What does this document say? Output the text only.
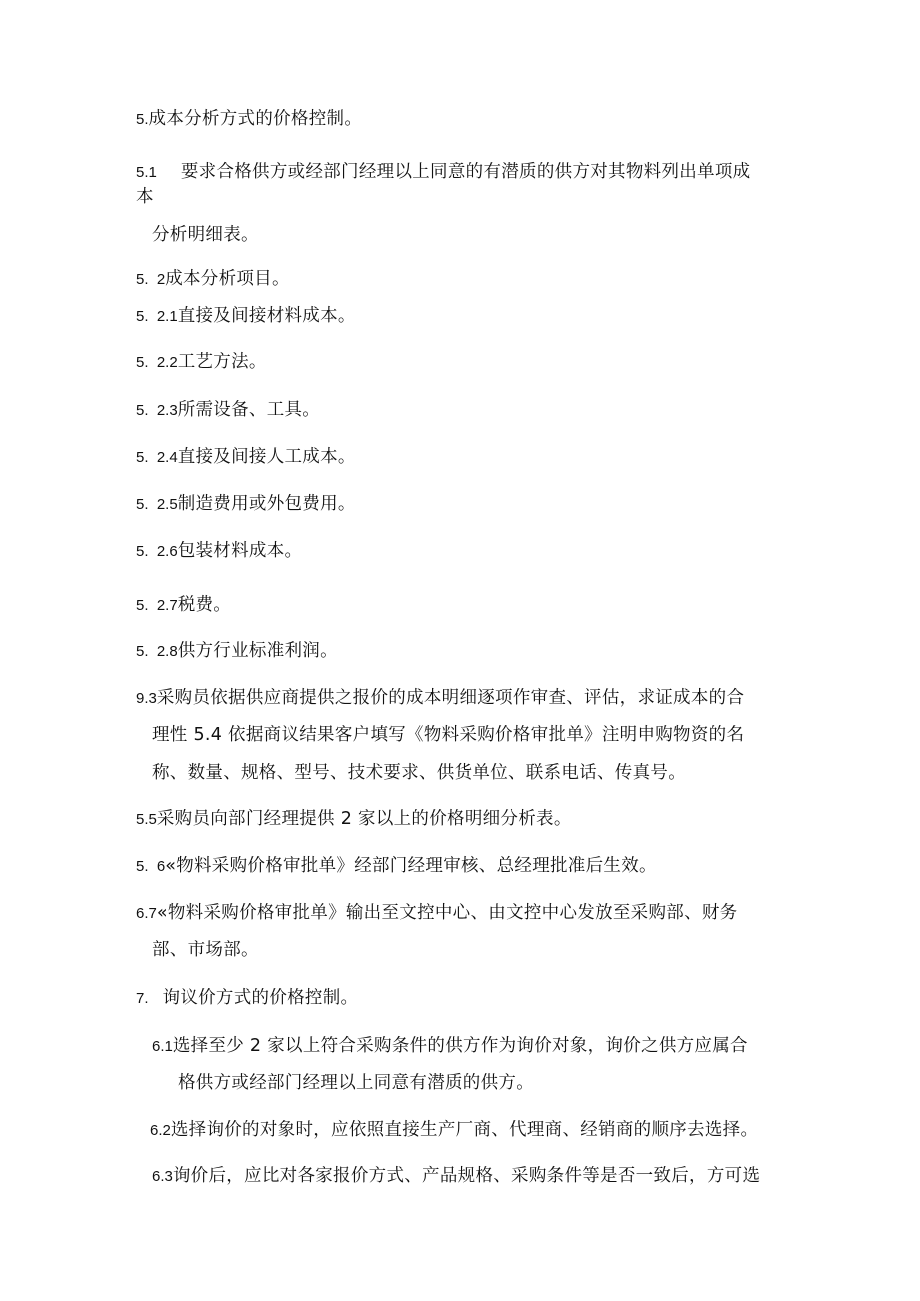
5.成本分析方式的价格控制。
5.1 要求合格供方或经部门经理以上同意的有潜质的供方对其物料列出单项成
本
分析明细表。
5.  2成本分析项目。
5.  2.1直接及间接材料成本。
5.  2.2工艺方法。
5.  2.3所需设备、工具。
5.  2.4直接及间接人工成本。
5.  2.5制造费用或外包费用。
5.  2.6包装材料成本。
5.  2.7税费。
5.  2.8供方行业标准利润。
9.3采购员依据供应商提供之报价的成本明细逐项作审查、评估，求证成本的合
理性 5.4 依据商议结果客户填写《物料采购价格审批单》注明申购物资的名
称、数量、规格、型号、技术要求、供货单位、联系电话、传真号。
5.5采购员向部门经理提供 2 家以上的价格明细分析表。
5.  6«物料采购价格审批单》经部门经理审核、总经理批准后生效。
6.7«物料采购价格审批单》输出至文控中心、由文控中心发放至采购部、财务
部、市场部。
7. 询议价方式的价格控制。
6.1选择至少 2 家以上符合采购条件的供方作为询价对象，询价之供方应属合
格供方或经部门经理以上同意有潜质的供方。
6.2选择询价的对象时，应依照直接生产厂商、代理商、经销商的顺序去选择。
6.3询价后，应比对各家报价方式、产品规格、采购条件等是否一致后，方可选
